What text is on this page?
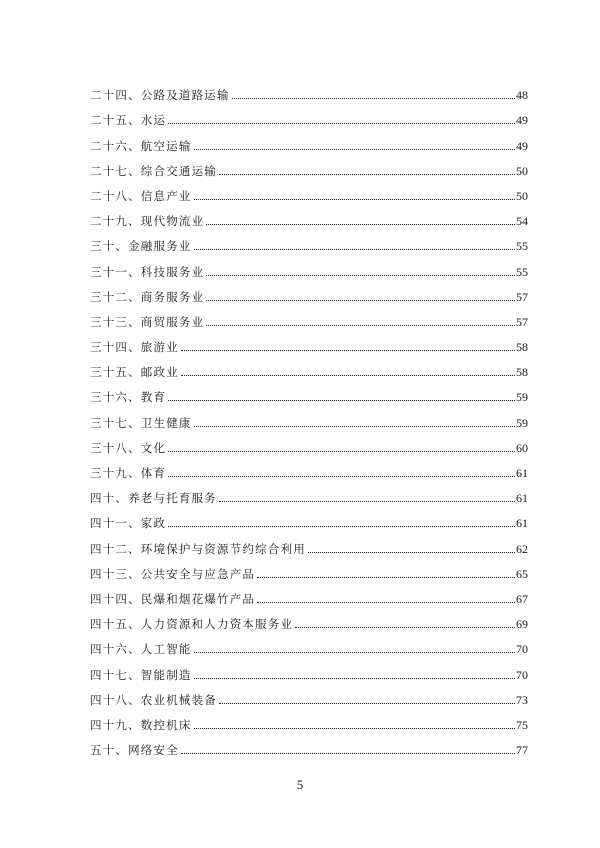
二十四、公路及道路运输	48
二十五、水运	49
二十六、航空运输	49
二十七、综合交通运输	50
二十八、信息产业	50
二十九、现代物流业	54
三十、金融服务业	55
三十一、科技服务业	55
三十二、商务服务业	57
三十三、商贸服务业	57
三十四、旅游业	58
三十五、邮政业	58
三十六、教育	59
三十七、卫生健康	59
三十八、文化	60
三十九、体育	61
四十、养老与托育服务	61
四十一、家政	61
四十二、环境保护与资源节约综合利用	62
四十三、公共安全与应急产品	65
四十四、民爆和烟花爆竹产品	67
四十五、人力资源和人力资本服务业	69
四十六、人工智能	70
四十七、智能制造	70
四十八、农业机械装备	73
四十九、数控机床	75
五十、网络安全	77
5
